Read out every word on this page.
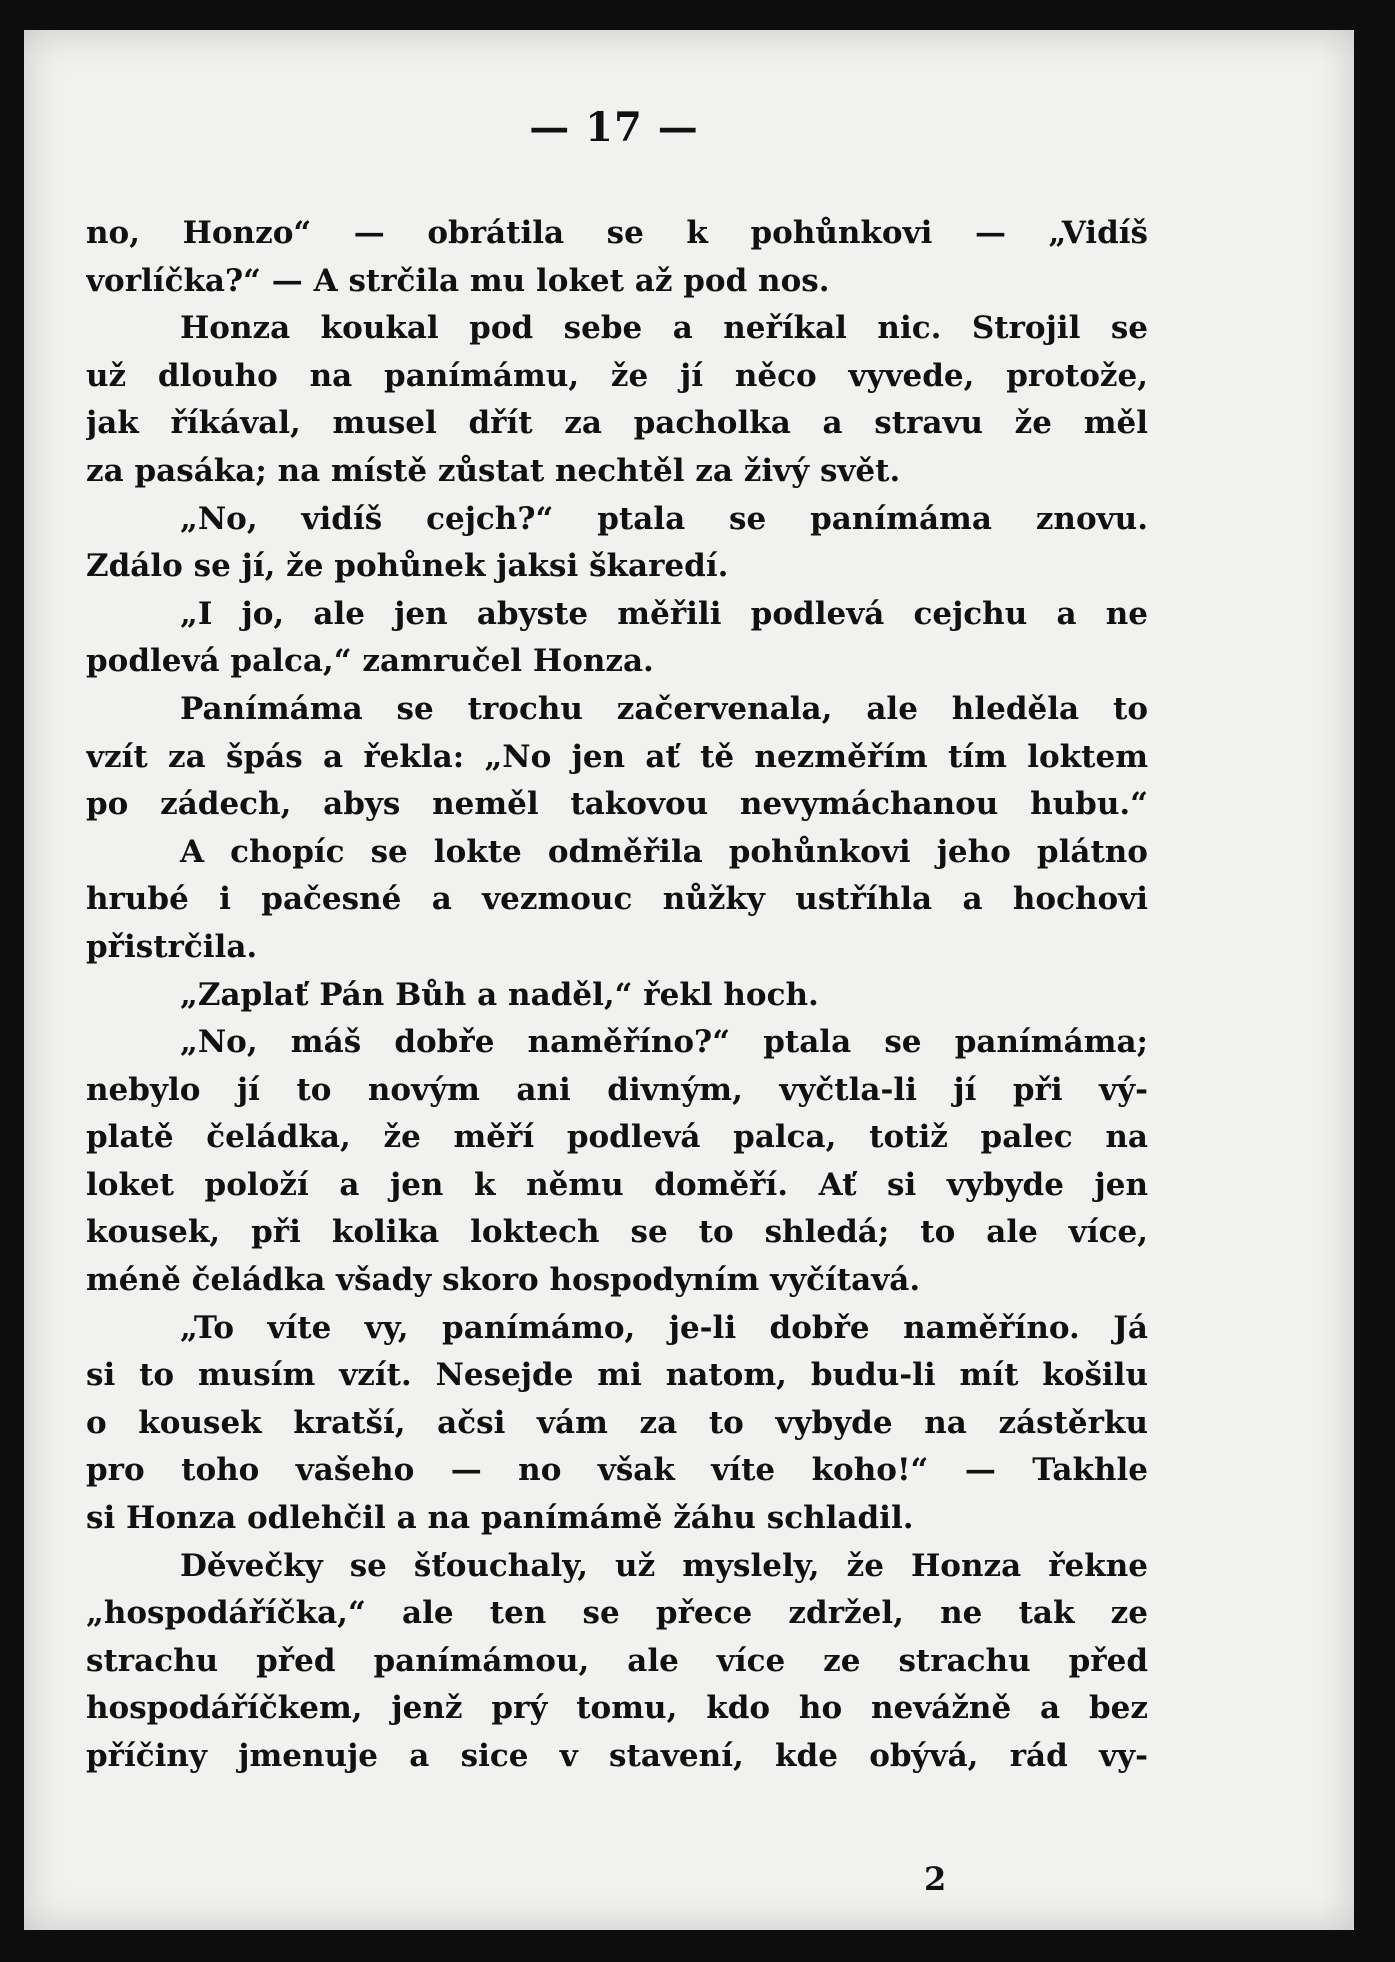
— 17 —
no, Honzo“ — obrátila se k pohůnkovi — „Vidíš
vorlíčka?“ — A strčila mu loket až pod nos.
Honza koukal pod sebe a neříkal nic. Strojil se
už dlouho na panímámu, že jí něco vyvede, protože,
jak říkával, musel dřít za pacholka a stravu že měl
za pasáka; na místě zůstat nechtěl za živý svět.
„No, vidíš cejch?“ ptala se panímáma znovu.
Zdálo se jí, že pohůnek jaksi škaredí.
„I jo, ale jen abyste měřili podlevá cejchu a ne
podlevá palca,“ zamručel Honza.
Panímáma se trochu začervenala, ale hleděla to
vzít za špás a řekla: „No jen ať tě nezměřím tím loktem
po zádech, abys neměl takovou nevymáchanou hubu.“
A chopíc se lokte odměřila pohůnkovi jeho plátno
hrubé i pačesné a vezmouc nůžky ustříhla a hochovi
přistrčila.
„Zaplať Pán Bůh a naděl,“ řekl hoch.
„No, máš dobře naměříno?“ ptala se panímáma;
nebylo jí to novým ani divným, vyčtla-li jí při vý-
platě čeládka, že měří podlevá palca, totiž palec na
loket položí a jen k němu doměří. Ať si vybyde jen
kousek, při kolika loktech se to shledá; to ale více,
méně čeládka všady skoro hospodyním vyčítavá.
„To víte vy, panímámo, je-li dobře naměříno. Já
si to musím vzít. Nesejde mi natom, budu-li mít košilu
o kousek kratší, ačsi vám za to vybyde na zástěrku
pro toho vašeho — no však víte koho!“ — Takhle
si Honza odlehčil a na panímámě žáhu schladil.
Děvečky se šťouchaly, už myslely, že Honza řekne
„hospodáříčka,“ ale ten se přece zdržel, ne tak ze
strachu před panímámou, ale více ze strachu před
hospodáříčkem, jenž prý tomu, kdo ho nevážně a bez
příčiny jmenuje a sice v stavení, kde obývá, rád vy-
2
